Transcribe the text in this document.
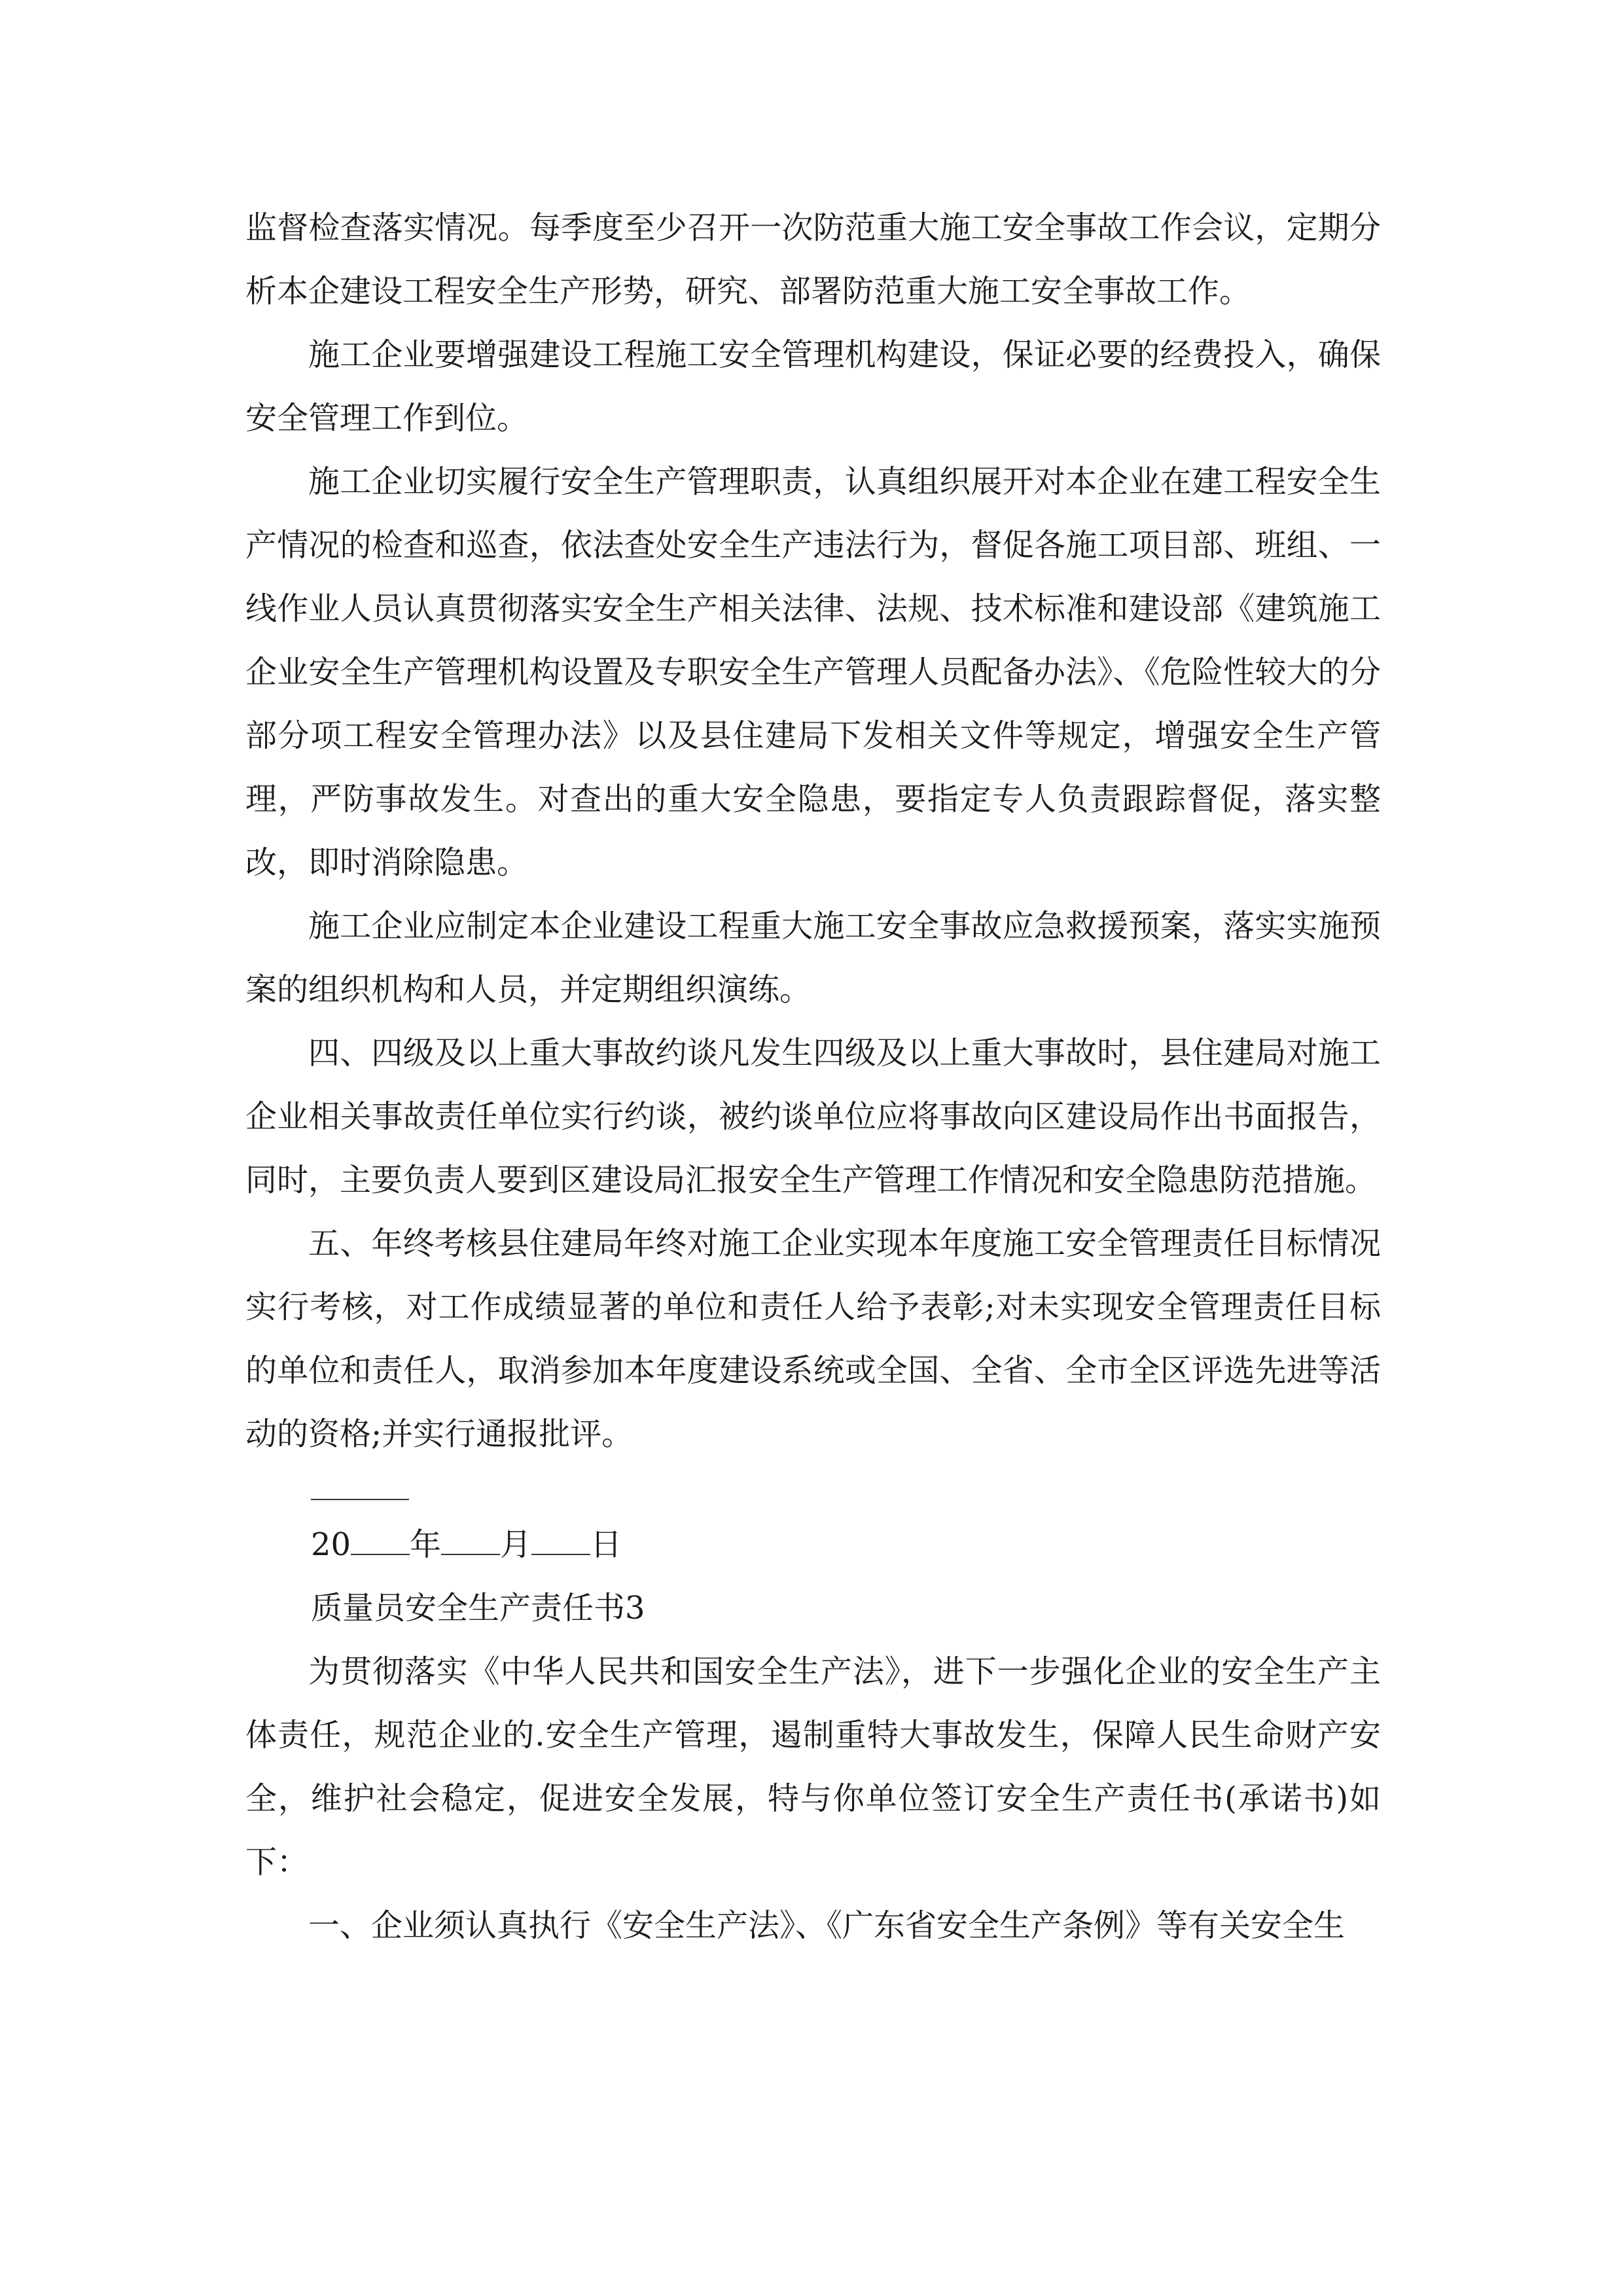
监督检查落实情况。每季度至少召开一次防范重大施工安全事故工作会议，定期分析本企建设工程安全生产形势，研究、部署防范重大施工安全事故工作。

施工企业要增强建设工程施工安全管理机构建设，保证必要的经费投入，确保安全管理工作到位。

施工企业切实履行安全生产管理职责，认真组织展开对本企业在建工程安全生产情况的检查和巡查，依法查处安全生产违法行为，督促各施工项目部、班组、一线作业人员认真贯彻落实安全生产相关法律、法规、技术标准和建设部《建筑施工企业安全生产管理机构设置及专职安全生产管理人员配备办法》、《危险性较大的分部分项工程安全管理办法》以及县住建局下发相关文件等规定，增强安全生产管理，严防事故发生。对查出的重大安全隐患，要指定专人负责跟踪督促，落实整改，即时消除隐患。

施工企业应制定本企业建设工程重大施工安全事故应急救援预案，落实实施预案的组织机构和人员，并定期组织演练。

四、四级及以上重大事故约谈凡发生四级及以上重大事故时，县住建局对施工企业相关事故责任单位实行约谈，被约谈单位应将事故向区建设局作出书面报告，同时，主要负责人要到区建设局汇报安全生产管理工作情况和安全隐患防范措施。

五、年终考核县住建局年终对施工企业实现本年度施工安全管理责任目标情况实行考核，对工作成绩显著的单位和责任人给予表彰;对未实现安全管理责任目标的单位和责任人，取消参加本年度建设系统或全国、全省、全市全区评选先进等活动的资格;并实行通报批评。

20 年 月 日

质量员安全生产责任书3

为贯彻落实《中华人民共和国安全生产法》，进下一步强化企业的安全生产主体责任，规范企业的.安全生产管理，遏制重特大事故发生，保障人民生命财产安全，维护社会稳定，促进安全发展，特与你单位签订安全生产责任书(承诺书)如下：

一、企业须认真执行《安全生产法》、《广东省安全生产条例》等有关安全生
